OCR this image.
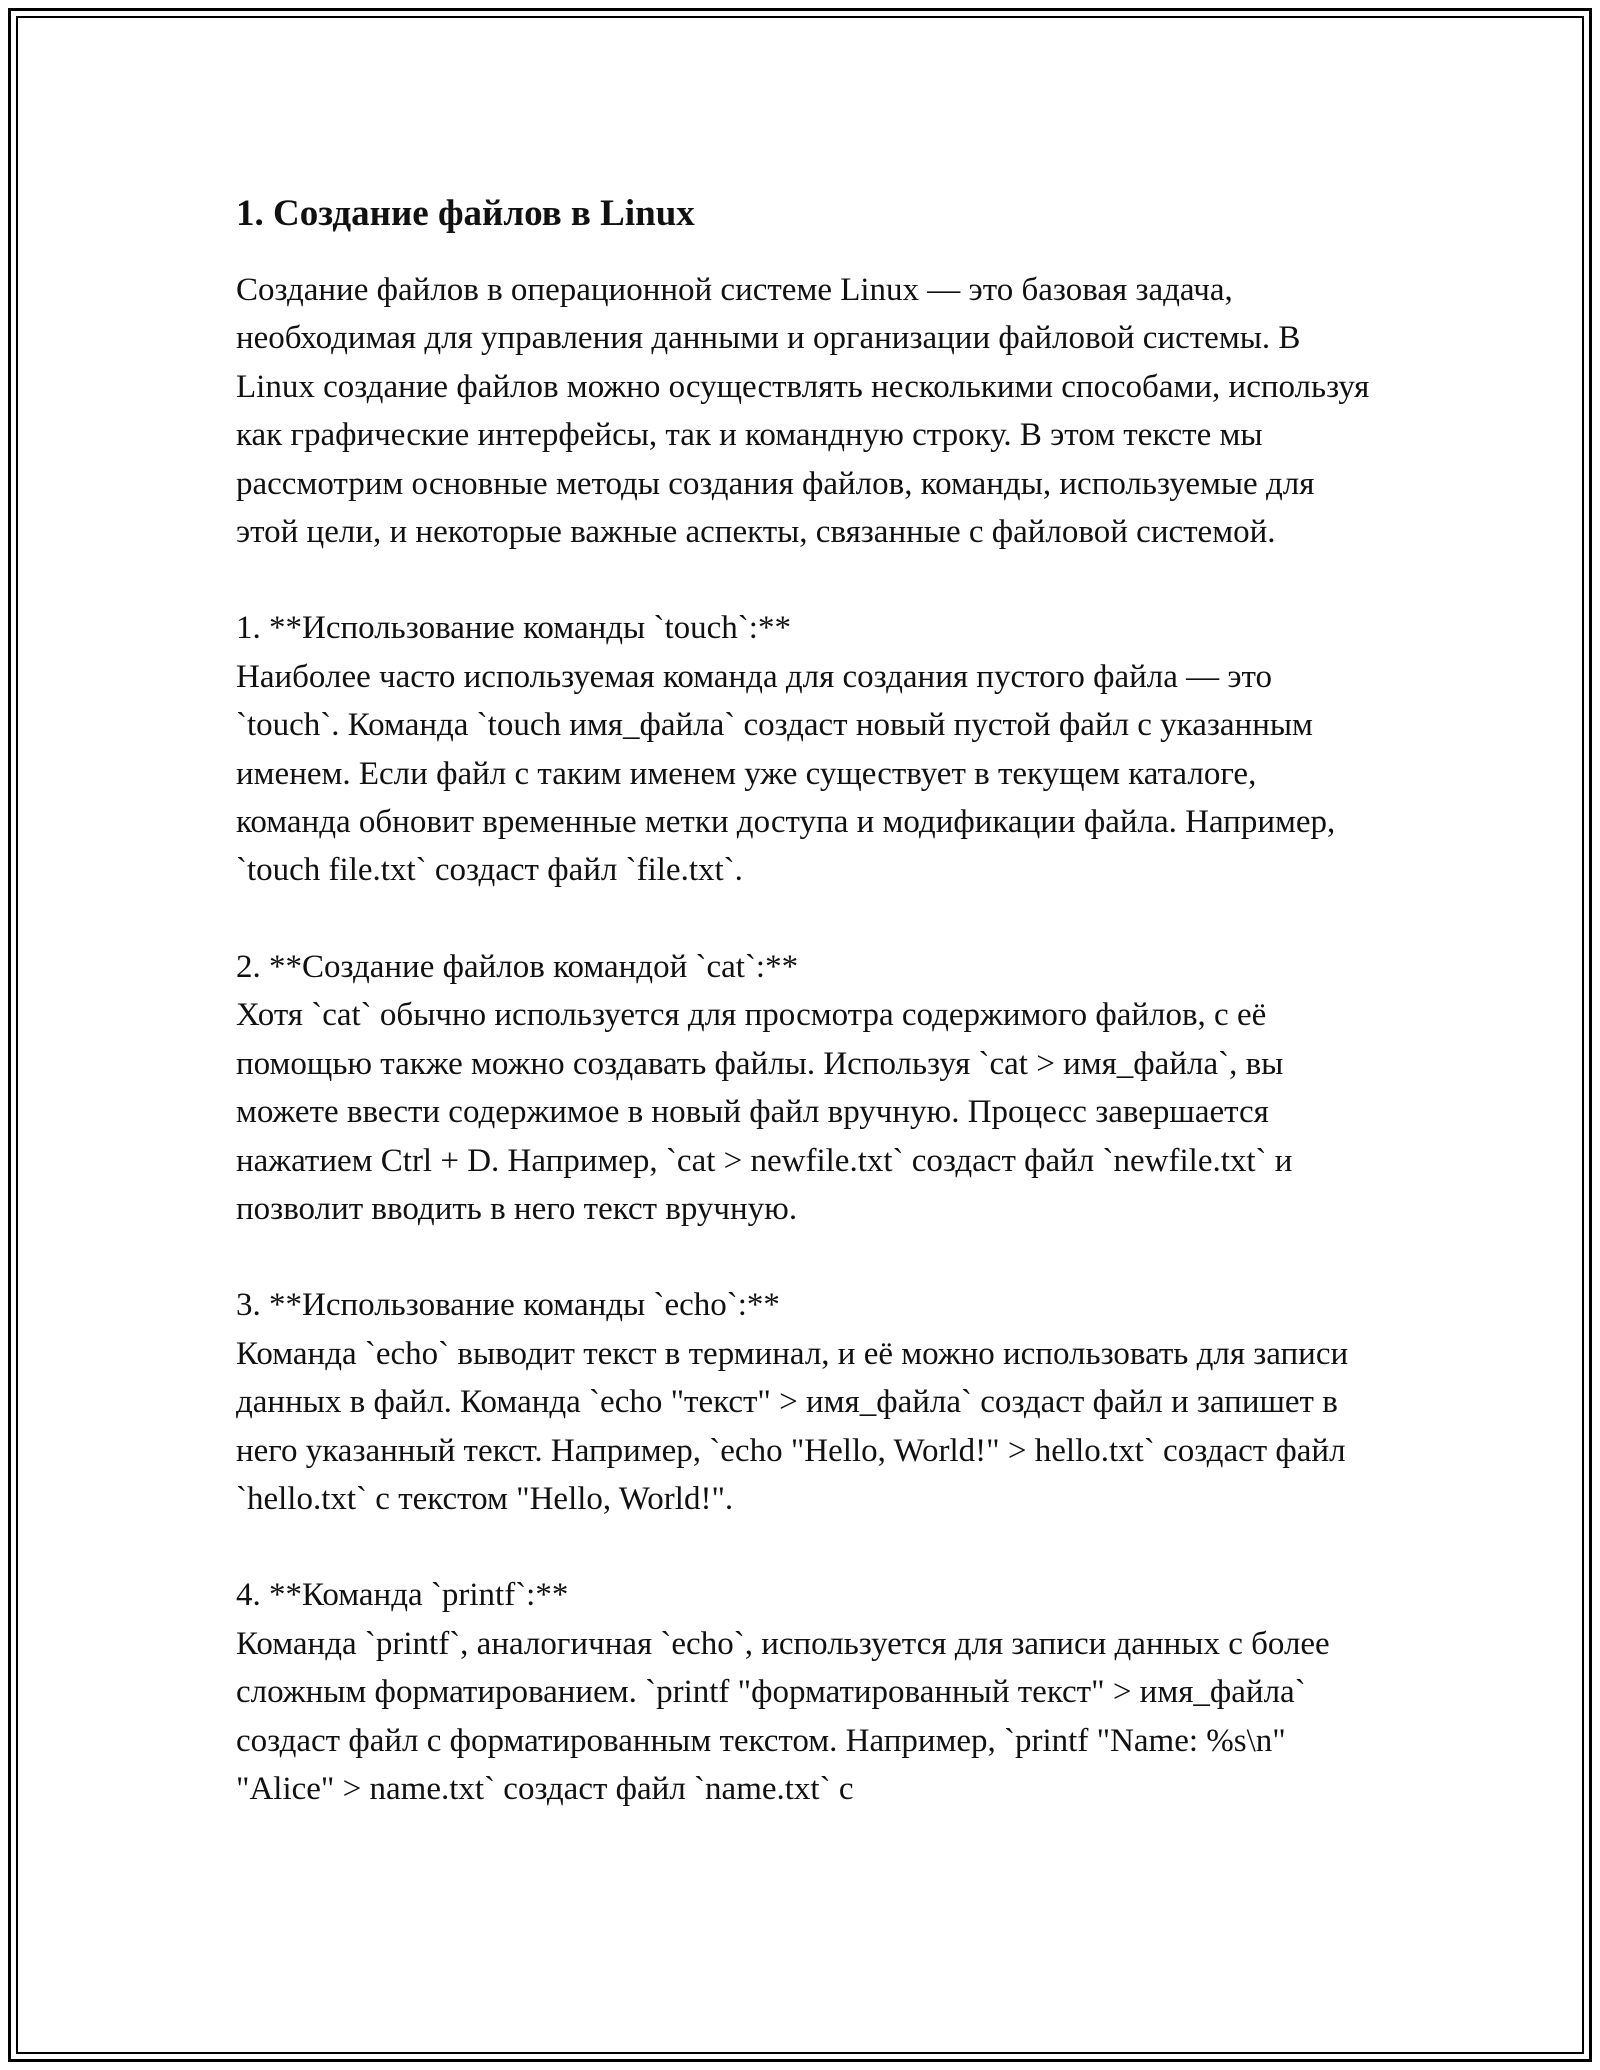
1. Создание файлов в Linux

Создание файлов в операционной системе Linux — это базовая задача, необходимая для управления данными и организации файловой системы. В Linux создание файлов можно осуществлять несколькими способами, используя как графические интерфейсы, так и командную строку. В этом тексте мы рассмотрим основные методы создания файлов, команды, используемые для этой цели, и некоторые важные аспекты, связанные с файловой системой.

1. **Использование команды `touch`:**

Наиболее часто используемая команда для создания пустого файла — это `touch`. Команда `touch имя_файла` создаст новый пустой файл с указанным именем. Если файл с таким именем уже существует в текущем каталоге, команда обновит временные метки доступа и модификации файла. Например, `touch file.txt` создаст файл `file.txt`.

2. **Создание файлов командой `cat`:**

Хотя `cat` обычно используется для просмотра содержимого файлов, с её помощью также можно создавать файлы. Используя `cat > имя_файла`, вы можете ввести содержимое в новый файл вручную. Процесс завершается нажатием Ctrl + D. Например, `cat > newfile.txt` создаст файл `newfile.txt` и позволит вводить в него текст вручную.

3. **Использование команды `echo`:**

Команда `echo` выводит текст в терминал, и её можно использовать для записи данных в файл. Команда `echo "текст" > имя_файла` создаст файл и запишет в него указанный текст. Например, `echo "Hello, World!" > hello.txt` создаст файл `hello.txt` с текстом "Hello, World!".

4. **Команда `printf`:**

Команда `printf`, аналогичная `echo`, используется для записи данных с более сложным форматированием. `printf "форматированный текст" > имя_файла` создаст файл с форматированным текстом. Например, `printf "Name: %s\n" "Alice" > name.txt` создаст файл `name.txt` с
